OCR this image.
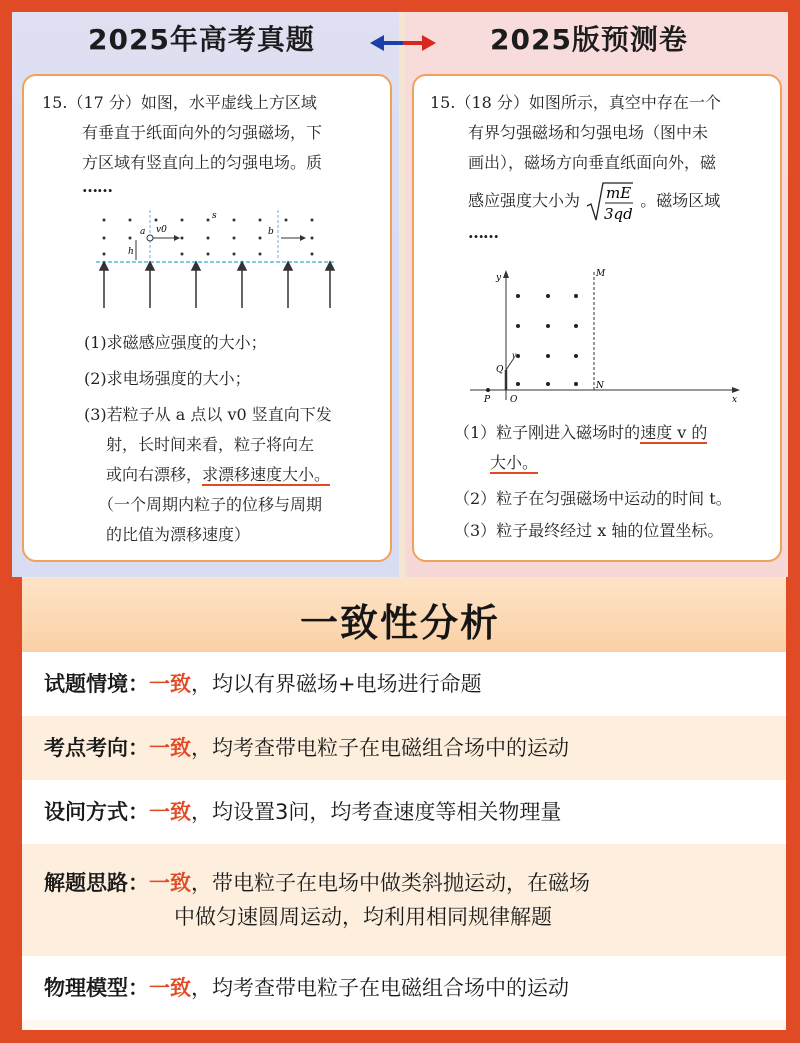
2025年高考真题	2025版预测卷
15.（17 分）如图，水平虚线上方区域
有垂直于纸面向外的匀强磁场，下
方区域有竖直向上的匀强电场。质
……
a v0
h
s
b
(1)求磁感应强度的大小；
(2)求电场强度的大小；
(3)若粒子从 a 点以 v0 竖直向下发
射，长时间来看，粒子将向左
或向右漂移，求漂移速度大小。
（一个周期内粒子的位移与周期
的比值为漂移速度）
15.（18 分）如图所示，真空中存在一个
有界匀强磁场和匀强电场（图中未
画出），磁场方向垂直纸面向外，磁
感应强度大小为 mE
3qd
。磁场区域
……
y	M
Q
v
O
N
x
P
（1）粒子刚进入磁场时的速度 v 的
大小。
（2）粒子在匀强磁场中运动的时间 t。
（3）粒子最终经过 x 轴的位置坐标。
一致性分析
试题情境：一致，均以有界磁场+电场进行命题
考点考向：一致，均考查带电粒子在电磁组合场中的运动
设问方式：一致，均设置3问，均考查速度等相关物理量
解题思路：一致，带电粒子在电场中做类斜抛运动，在磁场
中做匀速圆周运动，均利用相同规律解题
物理模型：一致，均考查带电粒子在电磁组合场中的运动
